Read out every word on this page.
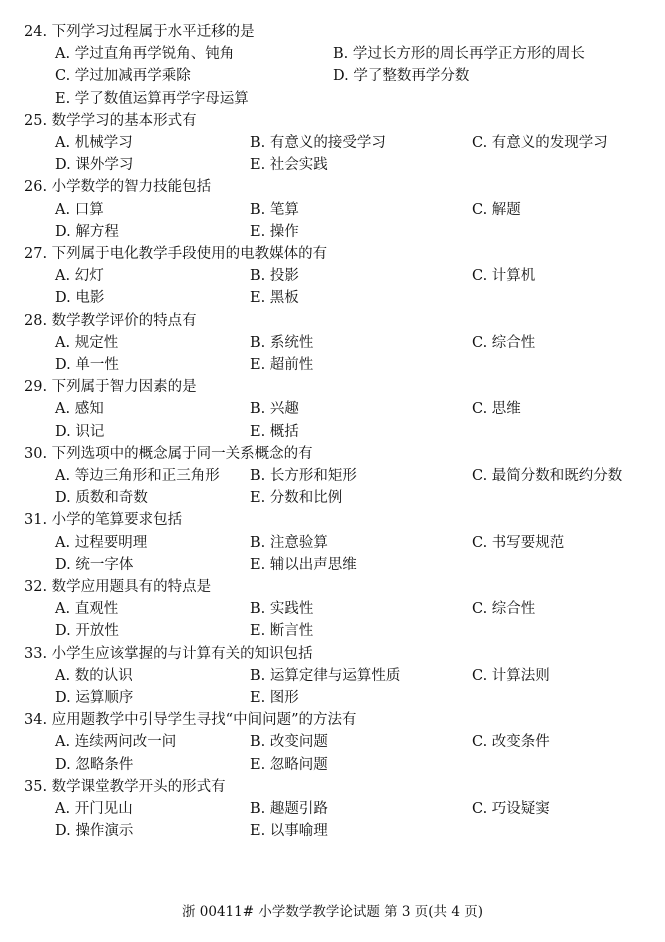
24. 下列学习过程属于水平迁移的是
A. 学过直角再学锐角、钝角	B. 学过长方形的周长再学正方形的周长
C. 学过加减再学乘除	D. 学了整数再学分数
E. 学了数值运算再学字母运算
25. 数学学习的基本形式有
A. 机械学习	B. 有意义的接受学习	C. 有意义的发现学习
D. 课外学习	E. 社会实践
26. 小学数学的智力技能包括
A. 口算	B. 笔算	C. 解题
D. 解方程	E. 操作
27. 下列属于电化教学手段使用的电教媒体的有
A. 幻灯	B. 投影	C. 计算机
D. 电影	E. 黑板
28. 数学教学评价的特点有
A. 规定性	B. 系统性	C. 综合性
D. 单一性	E. 超前性
29. 下列属于智力因素的是
A. 感知	B. 兴趣	C. 思维
D. 识记	E. 概括
30. 下列选项中的概念属于同一关系概念的有
A. 等边三角形和正三角形 B. 长方形和矩形	C. 最简分数和既约分数
D. 质数和奇数	E. 分数和比例
31. 小学的笔算要求包括
A. 过程要明理	B. 注意验算	C. 书写要规范
D. 统一字体	E. 辅以出声思维
32. 数学应用题具有的特点是
A. 直观性	B. 实践性	C. 综合性
D. 开放性	E. 断言性
33. 小学生应该掌握的与计算有关的知识包括
A. 数的认识	B. 运算定律与运算性质	C. 计算法则
D. 运算顺序	E. 图形
34. 应用题教学中引导学生寻找“中间问题”的方法有
A. 连续两问改一问	B. 改变问题	C. 改变条件
D. 忽略条件	E. 忽略问题
35. 数学课堂教学开头的形式有
A. 开门见山	B. 趣题引路	C. 巧设疑窦
D. 操作演示	E. 以事喻理
浙 00411# 小学数学教学论试题 第 3 页(共 4 页)
